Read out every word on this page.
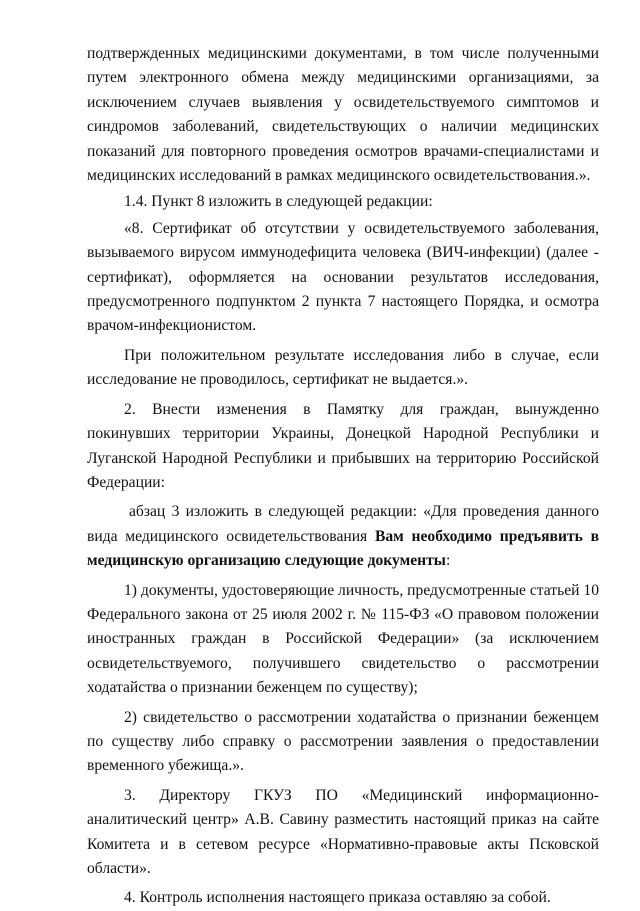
подтвержденных медицинскими документами, в том числе полученными путем электронного обмена между медицинскими организациями, за исключением случаев выявления у освидетельствуемого симптомов и синдромов заболеваний, свидетельствующих о наличии медицинских показаний для повторного проведения осмотров врачами-специалистами и медицинских исследований в рамках медицинского освидетельствования.».

1.4. Пункт 8 изложить в следующей редакции:

«8. Сертификат об отсутствии у освидетельствуемого заболевания, вызываемого вирусом иммунодефицита человека (ВИЧ-инфекции) (далее - сертификат), оформляется на основании результатов исследования, предусмотренного подпунктом 2 пункта 7 настоящего Порядка, и осмотра врачом-инфекционистом.

При положительном результате исследования либо в случае, если исследование не проводилось, сертификат не выдается.».

2. Внести изменения в Памятку для граждан, вынужденно покинувших территории Украины, Донецкой Народной Республики и Луганской Народной Республики и прибывших на территорию Российской Федерации:

абзац 3 изложить в следующей редакции: «Для проведения данного вида медицинского освидетельствования Вам необходимо предъявить в медицинскую организацию следующие документы:

1) документы, удостоверяющие личность, предусмотренные статьей 10 Федерального закона от 25 июля 2002 г. № 115-ФЗ «О правовом положении иностранных граждан в Российской Федерации» (за исключением освидетельствуемого, получившего свидетельство о рассмотрении ходатайства о признании беженцем по существу);

2) свидетельство о рассмотрении ходатайства о признании беженцем по существу либо справку о рассмотрении заявления о предоставлении временного убежища.».

3. Директору ГКУЗ ПО «Медицинский информационно-аналитический центр» А.В. Савину разместить настоящий приказ на сайте Комитета и в сетевом ресурсе «Нормативно-правовые акты Псковской области».

4. Контроль исполнения настоящего приказа оставляю за собой.
